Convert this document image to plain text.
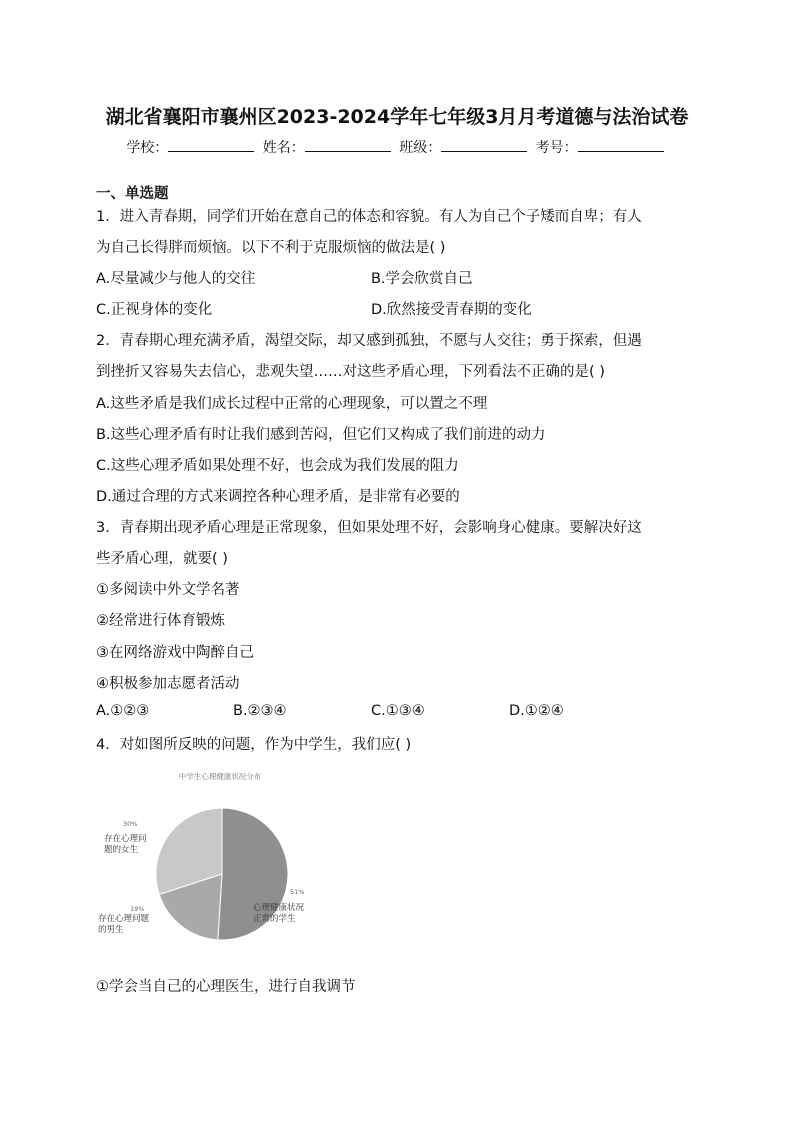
湖北省襄阳市襄州区2023-2024学年七年级3月月考道德与法治试卷
学校：	姓名：	班级：	考号：
一、单选题
1．进入青春期，同学们开始在意自己的体态和容貌。有人为自己个子矮而自卑；有人
为自己长得胖而烦恼。以下不利于克服烦恼的做法是( )
A.尽量减少与他人的交往	B.学会欣赏自己
C.正视身体的变化	D.欣然接受青春期的变化
2．青春期心理充满矛盾，渴望交际，却又感到孤独，不愿与人交往；勇于探索，但遇
到挫折又容易失去信心，悲观失望……对这些矛盾心理，下列看法不正确的是( )
A.这些矛盾是我们成长过程中正常的心理现象，可以置之不理
B.这些心理矛盾有时让我们感到苦闷，但它们又构成了我们前进的动力
C.这些心理矛盾如果处理不好，也会成为我们发展的阻力
D.通过合理的方式来调控各种心理矛盾，是非常有必要的
3．青春期出现矛盾心理是正常现象，但如果处理不好，会影响身心健康。要解决好这
些矛盾心理，就要( )
①多阅读中外文学名著
②经常进行体育锻炼
③在网络游戏中陶醉自己
④积极参加志愿者活动
A.①②③	B.②③④	C.①③④	D.①②④
4．对如图所反映的问题，作为中学生，我们应( )
中学生心理健康状况分布
51%
心理健康状况
正常的学生
19%
存在心理问题
的男生
30%
存在心理问
题的女生
①学会当自己的心理医生，进行自我调节
